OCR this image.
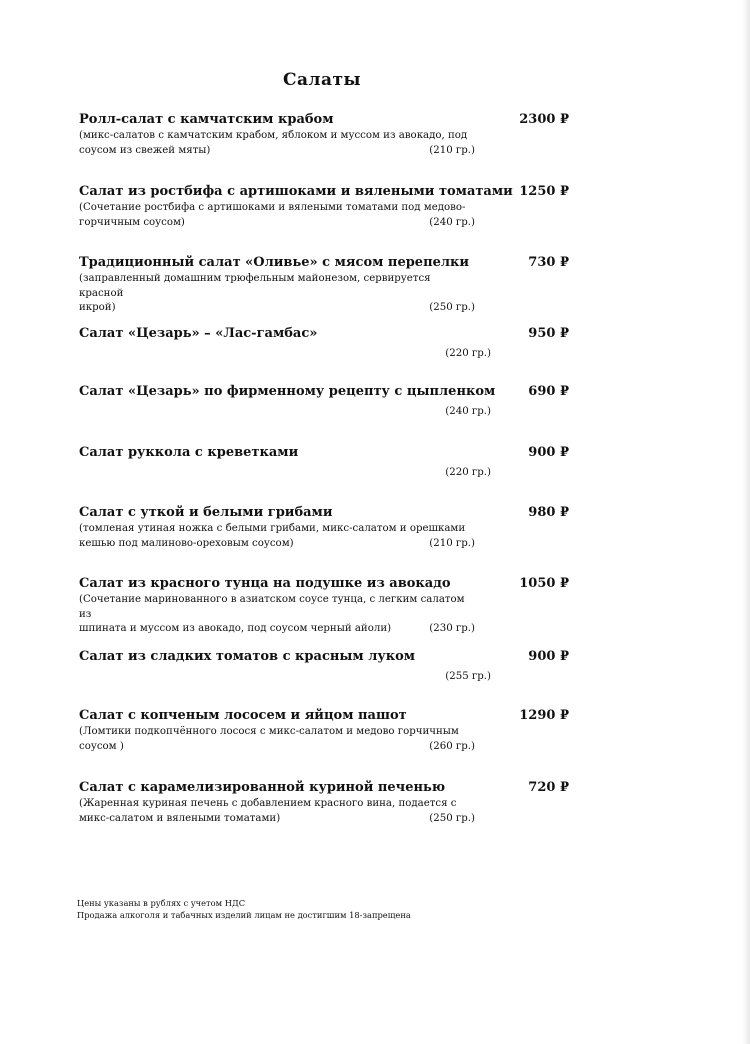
Салаты
Ролл-салат с камчатским крабом	2300 ₽
(микс-салатов с камчатским крабом, яблоком и муссом из авокадо, под
(210 гр.)
соусом из свежей мяты)
Салат из ростбифа с артишоками и вялеными томатами 1250 ₽
(Сочетание ростбифа с артишоками и вялеными томатами под медово-
(240 гр.)
горчичным соусом)
Традиционный салат «Оливье» с мясом перепелки	730 ₽
(заправленный домашним трюфельным майонезом, сервируется красной
(250 гр.)
икрой)
Салат «Цезарь» – «Лас-гамбас»	950 ₽
(220 гр.)
Салат «Цезарь» по фирменному рецепту с цыпленком	690 ₽
(240 гр.)
Салат руккола с креветками	900 ₽
(220 гр.)
Салат с уткой и белыми грибами	980 ₽
(томленая утиная ножка с белыми грибами, микс-салатом и орешками
(210 гр.)
кешью под малиново-ореховым соусом)
Салат из красного тунца на подушке из авокадо	1050 ₽
(Сочетание маринованного в азиатском соусе тунца, с легким салатом из
(230 гр.)
шпината и муссом из авокадо, под соусом черный айоли)
Салат из сладких томатов с красным луком	900 ₽
(255 гр.)
Салат с копченым лососем и яйцом пашот	1290 ₽
(Ломтики подкопчённого лосося с микс-салатом и медово горчичным
(260 гр.)
соусом )
Салат с карамелизированной куриной печенью	720 ₽
(Жаренная куриная печень с добавлением красного вина, подается с
(250 гр.)
микс-салатом и вялеными томатами)
Цены указаны в рублях с учетом НДС
Продажа алкоголя и табачных изделий лицам не достигшим 18-запрещена
